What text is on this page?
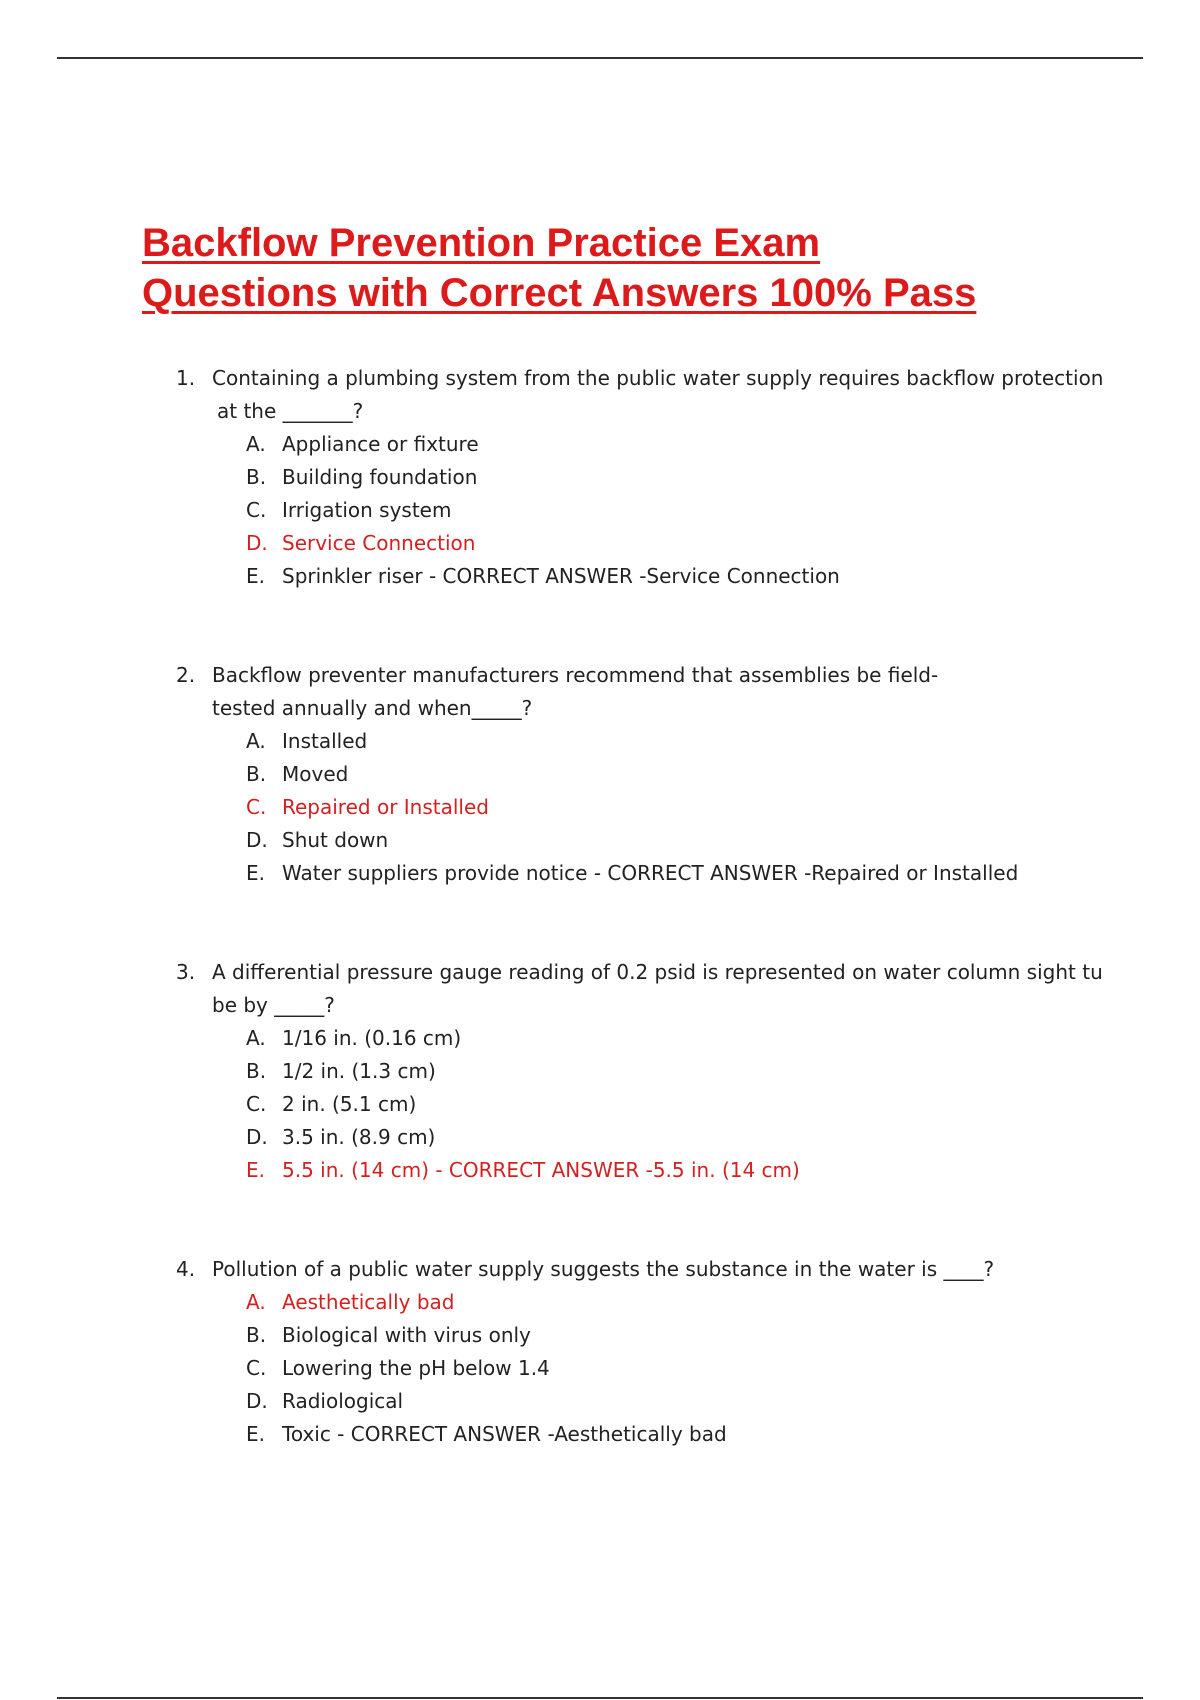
Backflow Prevention Practice Exam
Questions with Correct Answers 100% Pass
1. Containing a plumbing system from the public water supply requires backflow protection
at the _______?
A. Appliance or fixture
B. Building foundation
C. Irrigation system
D. Service Connection
E. Sprinkler riser - CORRECT ANSWER -Service Connection
2. Backflow preventer manufacturers recommend that assemblies be field-
tested annually and when_____?
A. Installed
B. Moved
C. Repaired or Installed
D. Shut down
E. Water suppliers provide notice - CORRECT ANSWER -Repaired or Installed
3. A differential pressure gauge reading of 0.2 psid is represented on water column sight tu
be by _____?
A. 1/16 in. (0.16 cm)
B. 1/2 in. (1.3 cm)
C. 2 in. (5.1 cm)
D. 3.5 in. (8.9 cm)
E. 5.5 in. (14 cm) - CORRECT ANSWER -5.5 in. (14 cm)
4. Pollution of a public water supply suggests the substance in the water is ____?
A. Aesthetically bad
B. Biological with virus only
C. Lowering the pH below 1.4
D. Radiological
E. Toxic - CORRECT ANSWER -Aesthetically bad
